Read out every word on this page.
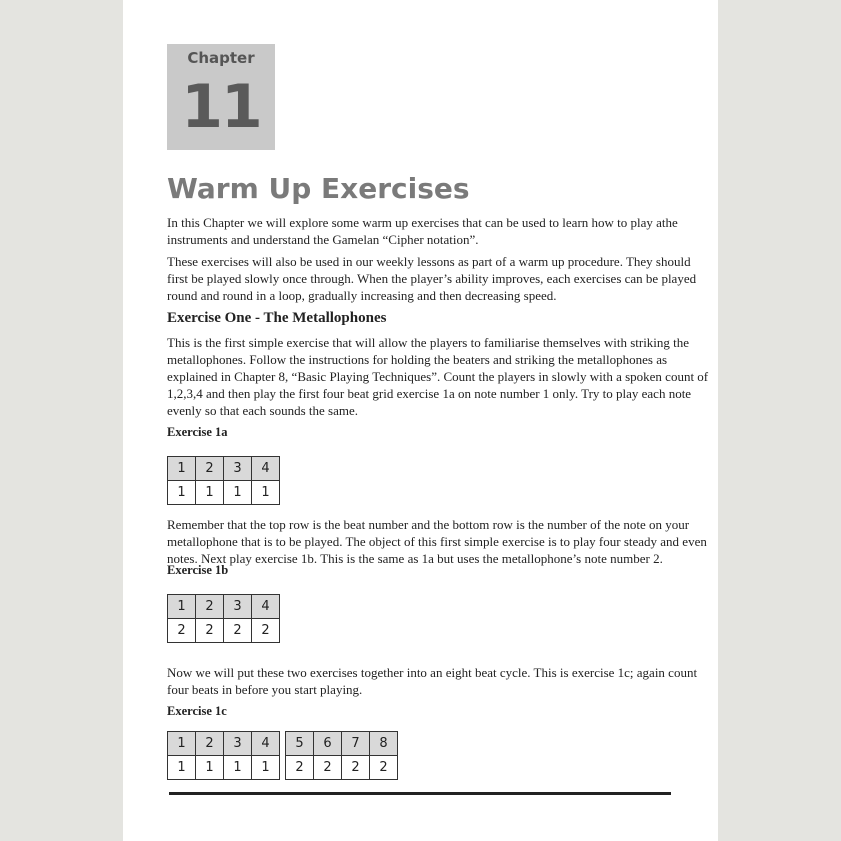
Chapter
11
Warm Up Exercises

In this Chapter we will explore some warm up exercises that can be used to learn how to play athe instruments and understand the Gamelan “Cipher notation”.

These exercises will also be used in our weekly lessons as part of a warm up procedure. They should first be played slowly once through. When the player’s ability improves, each exercises can be played round and round in a loop, gradually increasing and then decreasing speed.

Exercise One - The Metallophones

This is the first simple exercise that will allow the players to familiarise themselves with striking the metallophones. Follow the instructions for holding the beaters and striking the metallophones as explained in Chapter 8, “Basic Playing Techniques”. Count the players in slowly with a spoken count of 1,2,3,4 and then play the first four beat grid exercise 1a on note number 1 only. Try to play each note evenly so that each sounds the same.

Exercise 1a
1	2	3	4
1	1	1	1

Remember that the top row is the beat number and the bottom row is the number of the note on your metallophone that is to be played. The object of this first simple exercise is to play four steady and even notes. Next play exercise 1b. This is the same as 1a but uses the metallophone’s note number 2.

Exercise 1b
1	2	3	4
2	2	2	2

Now we will put these two exercises together into an eight beat cycle. This is exercise 1c; again count four beats in before you start playing.

Exercise 1c
1	2	3	4
1	1	1	1
5	6	7	8
2	2	2	2
